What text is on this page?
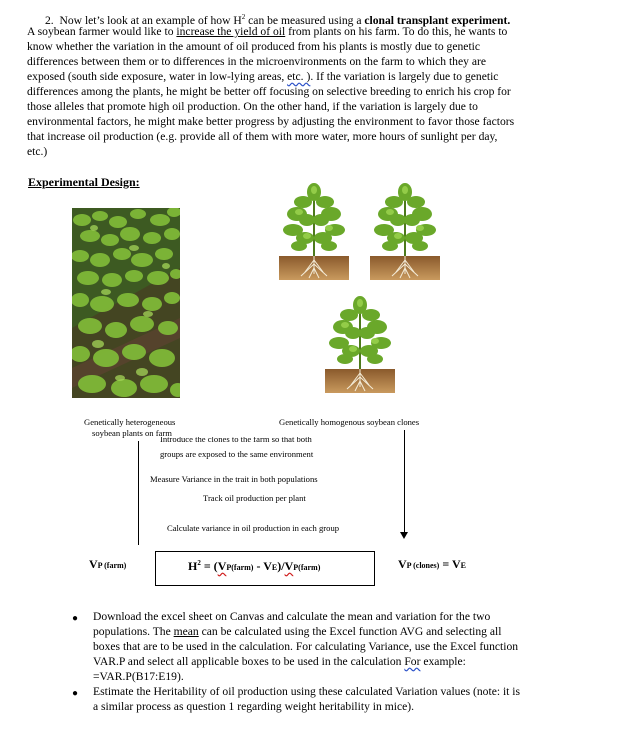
2. Now let’s look at an example of how $H^2$ can be measured using a clonal transplant experiment.
A soybean farmer would like to increase the yield of oil from plants on his farm. To do this, he wants to
know whether the variation in the amount of oil produced from his plants is mostly due to genetic
differences between them or to differences in the microenvironments on the farm to which they are
exposed (south side exposure, water in low-lying areas, etc. ). If the variation is largely due to genetic
differences among the plants, he might be better off focusing on selective breeding to enrich his crop for
those alleles that promote high oil production. On the other hand, if the variation is largely due to
environmental factors, he might make better progress by adjusting the environment to favor those factors
that increase oil production (e.g. provide all of them with more water, more hours of sunlight per day,
etc.)
Experimental Design:
Genetically heterogeneous
soybean plants on farm
Genetically homogenous soybean clones
Introduce the clones to the farm so that both
groups are exposed to the same environment
Measure Variance in the trait in both populations
Track oil production per plant
Calculate variance in oil production in each group
VP (farm)	$H^2$ = (VP(farm) - VE)/VP(farm)	VP (clones) = VE
● Download the excel sheet on Canvas and calculate the mean and variation for the two
populations. The mean can be calculated using the Excel function AVG and selecting all
boxes that are to be used in the calculation. For calculating Variance, use the Excel function
VAR.P and select all applicable boxes to be used in the calculation For example:
=VAR.P(B17:E19).
● Estimate the Heritability of oil production using these calculated Variation values (note: it is
a similar process as question 1 regarding weight heritability in mice).
